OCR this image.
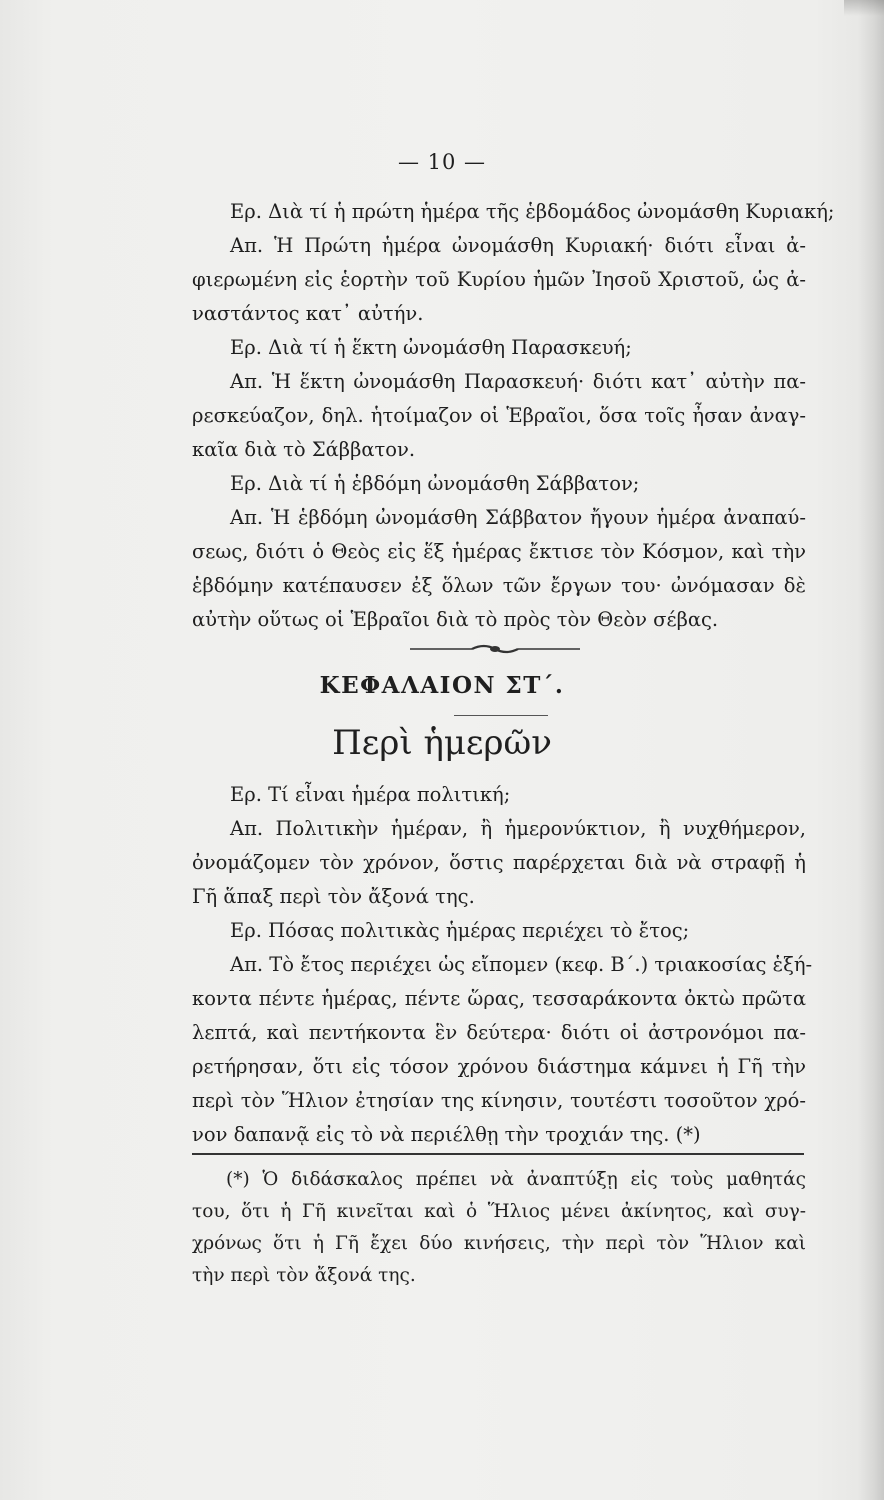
— 10 —
Ερ. Διὰ τί ἡ πρώτη ἡμέρα τῆς ἑβδομάδος ὠνομάσθη Κυριακή;
Απ. Ἡ Πρώτη ἡμέρα ὠνομάσθη Κυριακή· διότι εἶναι ἀ-
φιερωμένη εἰς ἑορτὴν τοῦ Κυρίου ἡμῶν Ἰησοῦ Χριστοῦ, ὡς ἀ-
ναστάντος κατ᾽ αὐτήν.
Ερ. Διὰ τί ἡ ἕκτη ὠνομάσθη Παρασκευή;
Απ. Ἡ ἕκτη ὠνομάσθη Παρασκευή· διότι κατ᾽ αὐτὴν πα-
ρεσκεύαζον, δηλ. ἡτοίμαζον οἱ Ἑβραῖοι, ὅσα τοῖς ἦσαν ἀναγ-
καῖα διὰ τὸ Σάββατον.
Ερ. Διὰ τί ἡ ἑβδόμη ὠνομάσθη Σάββατον;
Απ. Ἡ ἑβδόμη ὠνομάσθη Σάββατον ἤγουν ἡμέρα ἀναπαύ-
σεως, διότι ὁ Θεὸς εἰς ἕξ ἡμέρας ἔκτισε τὸν Κόσμον, καὶ τὴν
ἑβδόμην κατέπαυσεν ἐξ ὅλων τῶν ἔργων του· ὠνόμασαν δὲ
αὐτὴν οὕτως οἱ Ἑβραῖοι διὰ τὸ πρὸς τὸν Θεὸν σέβας.
ΚΕΦΑΛΑΙΟΝ ΣΤ΄.
Περὶ ἡμερῶν
Ερ. Τί εἶναι ἡμέρα πολιτική;
Απ. Πολιτικὴν ἡμέραν, ἢ ἡμερονύκτιον, ἢ νυχθήμερον,
ὀνομάζομεν τὸν χρόνον, ὅστις παρέρχεται διὰ νὰ στραφῇ ἡ
Γῆ ἅπαξ περὶ τὸν ἄξονά της.
Ερ. Πόσας πολιτικὰς ἡμέρας περιέχει τὸ ἔτος;
Απ. Τὸ ἔτος περιέχει ὡς εἴπομεν (κεφ. Β΄.) τριακοσίας ἑξή-
κοντα πέντε ἡμέρας, πέντε ὥρας, τεσσαράκοντα ὀκτὼ πρῶτα
λεπτά, καὶ πεντήκοντα ἓν δεύτερα· διότι οἱ ἀστρονόμοι πα-
ρετήρησαν, ὅτι εἰς τόσον χρόνου διάστημα κάμνει ἡ Γῆ τὴν
περὶ τὸν Ἥλιον ἐτησίαν της κίνησιν, τουτέστι τοσοῦτον χρό-
νον δαπανᾷ εἰς τὸ νὰ περιέλθῃ τὴν τροχιάν της. (*)
(*) Ὁ διδάσκαλος πρέπει νὰ ἀναπτύξῃ εἰς τοὺς μαθητάς
του, ὅτι ἡ Γῆ κινεῖται καὶ ὁ Ἥλιος μένει ἀκίνητος, καὶ συγ-
χρόνως ὅτι ἡ Γῆ ἔχει δύο κινήσεις, τὴν περὶ τὸν Ἥλιον καὶ
τὴν περὶ τὸν ἄξονά της.
